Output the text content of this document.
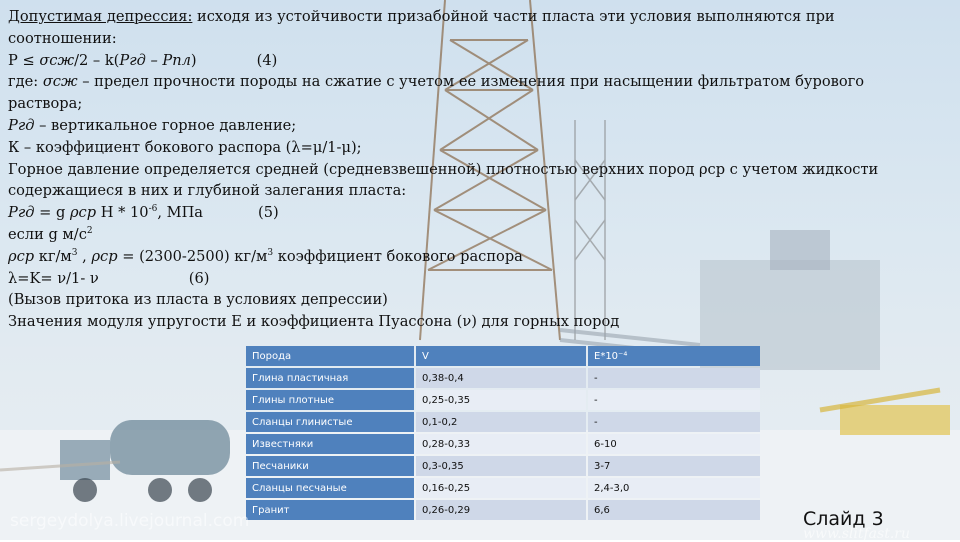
Допустимая депрессия: исходя из устойчивости призабойной части пласта эти условия выполняются при

соотношении:

P ≤ σсж/2 – k(Ргд – Рпл)	(4)

где: σсж – предел прочности породы на сжатие с учетом ее изменения при насыщении фильтратом бурового

раствора;

Ргд – вертикальное горное давление;

К – коэффициент бокового распора (λ=μ/1-μ);

Горное давление определяется средней (средневзвешенной) плотностью верхних пород ρср с учетом жидкости

содержащиеся в них и глубиной залегания пласта:

Ргд = g ρср H * $10^{-6}$, МПа	(5)

если g $м/с^2$

ρср $кг/м^3$ , ρср = (2300-2500) $кг/м^3$ коэффициент бокового распора

λ=K= ν/1- ν	(6)

(Вызов притока из пласта в условиях депрессии)

Значения модуля упругости Е и коэффициента Пуассона (ν) для горных пород

Порода	V	E*10⁻⁴
Глина пластичная	0,38-0,4	-
Глины плотные	0,25-0,35	-
Сланцы глинистые	0,1-0,2	-
Известняки	0,28-0,33	6-10
Песчаники	0,3-0,35	3-7
Сланцы песчаные	0,16-0,25	2,4-3,0
Гранит	0,26-0,29	6,6
sergeydolya.livejournal.com	Слайд 3
www.slitfast.ru
